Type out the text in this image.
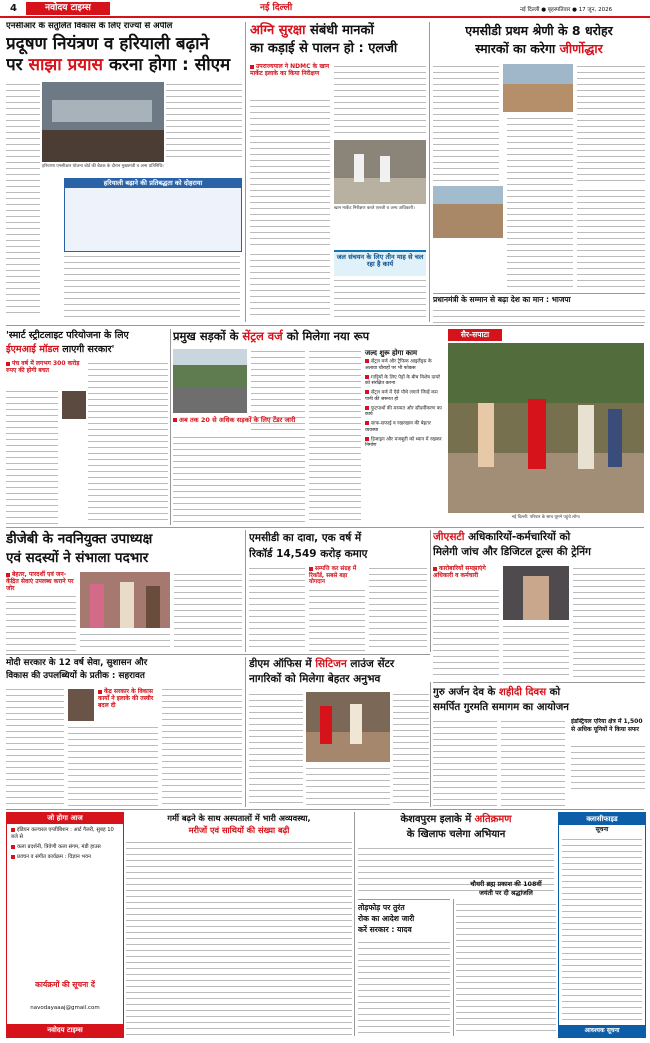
4	नवोदय टाइम्स	नई दिल्ली	नई दिल्ली ● बृहस्पतिवार ● 17 जून, 2026
एनसीआर के संतुलित विकास के लिए राज्यों से अपील
प्रदूषण नियंत्रण व हरियाली बढ़ाने
पर साझा प्रयास करना होगा : सीएम
हरियाणा एनसीआर योजना बोर्ड की बैठक के दौरान मुख्यमंत्री व अन्य प्रतिनिधि।
हरियाली बढ़ाने की प्रतिबद्धता को दोहराया
अग्नि सुरक्षा संबंधी मानकों
का कड़ाई से पालन हो : एलजी
उपराज्यपाल ने NDMC के खान मार्केट इलाके का किया निरीक्षण
खान मार्केट निरीक्षण करते एलजी व अन्य अधिकारी।
जल संचयन के लिए तीन माह से चल रहा है कार्य
एमसीडी प्रथम श्रेणी के 8 धरोहर
स्मारकों का करेगा जीर्णोद्धार
प्रधानमंत्री के सम्मान से बढ़ा देश का मान : भाजपा
'स्मार्ट स्ट्रीटलाइट परियोजना के लिए
ईएमआई मॉडल लाएगी सरकार'
पंच वर्ष में लगभग 300 करोड़ रुपए की होगी बचत
प्रमुख सड़कों के सेंट्रल वर्ज को मिलेगा नया रूप
अब तक 20 से अधिक सड़कों के लिए टेंडर जारी
जल्द शुरू होगा काम
सेंट्रल वर्ज और ट्रैफिक आइलैंड्स के अलावा चौराहों पर भी फोकस
गाड़ियों के लिए पेड़ों के बीच विशेष दायरे को संरक्षित करना
सेंट्रल वर्ज में ऐसे पौधे लगाने जिन्हें कम पानी की जरूरत हो
फुटपाथों की मरम्मत और सौंदर्यीकरण का कार्य
साफ-सफाई व रखरखाव की बेहतर व्यवस्था
डिजाइन और मजबूती को ध्यान में रखकर निर्माण
सैर-सपाटा
नई दिल्ली: परिवार के साथ घूमने पहुंचे लोग।
डीजेबी के नवनियुक्त उपाध्यक्ष
एवं सदस्यों ने संभाला पदभार
बेहतर, पारदर्शी एवं जन-केंद्रित सेवाएं उपलब्ध कराने पर जोर
एमसीडी का दावा, एक वर्ष में
रिकॉर्ड 14,549 करोड़ कमाए
सम्पत्ति कर संग्रह में रिकॉर्ड, सबसे बड़ा योगदान
जीएसटी अधिकारियों-कर्मचारियों को
मिलेगी जांच और डिजिटल टूल्स की ट्रेनिंग
कारोबारियों समझाएंगे अधिकारी व कर्मचारी
मोदी सरकार के 12 वर्ष सेवा, सुशासन और
विकास की उपलब्धियों के प्रतीक : सहरावत
केंद्र सरकार के विकास कार्यों ने इलाके की तस्वीर बदल दी
डीएम ऑफिस में सिटिजन लाउंज सेंटर
नागरिकों को मिलेगा बेहतर अनुभव
गुरु अर्जन देव के शहीदी दिवस को
समर्पित गुरमति समागम का आयोजन
इंडस्ट्रियल एरिया क्षेत्र में 1,500 से अधिक यूनियों ने किया सफर
जो होगा आज
इंडियन कल्चरल एग्जीबिशन : आर्ट गैलरी, सुबह 10 बजे से
कला प्रदर्शनी, त्रिवेणी कला संगम, मंडी हाउस
प्रवचन व संगीत कार्यक्रम : विज्ञान भवन
कार्यक्रमों की सूचना दें
navodayaaaj@gmail.com
नवोदय टाइम्स
गर्मी बढ़ने के साथ अस्पतालों में भारी अव्यवस्था,
मरीजों एवं साथियों की संख्या बढ़ी
केशवपुरम इलाके में अतिक्रमण
के खिलाफ चलेगा अभियान
तोड़फोड़ पर तुरंत
रोक का आदेश जारी
करें सरकार : यादव
चौधरी ब्रह्म प्रकाश की 108वीं
जयंती पर दी श्रद्धांजलि
क्लासीफाइड
सूचना
आवश्यक सूचना
